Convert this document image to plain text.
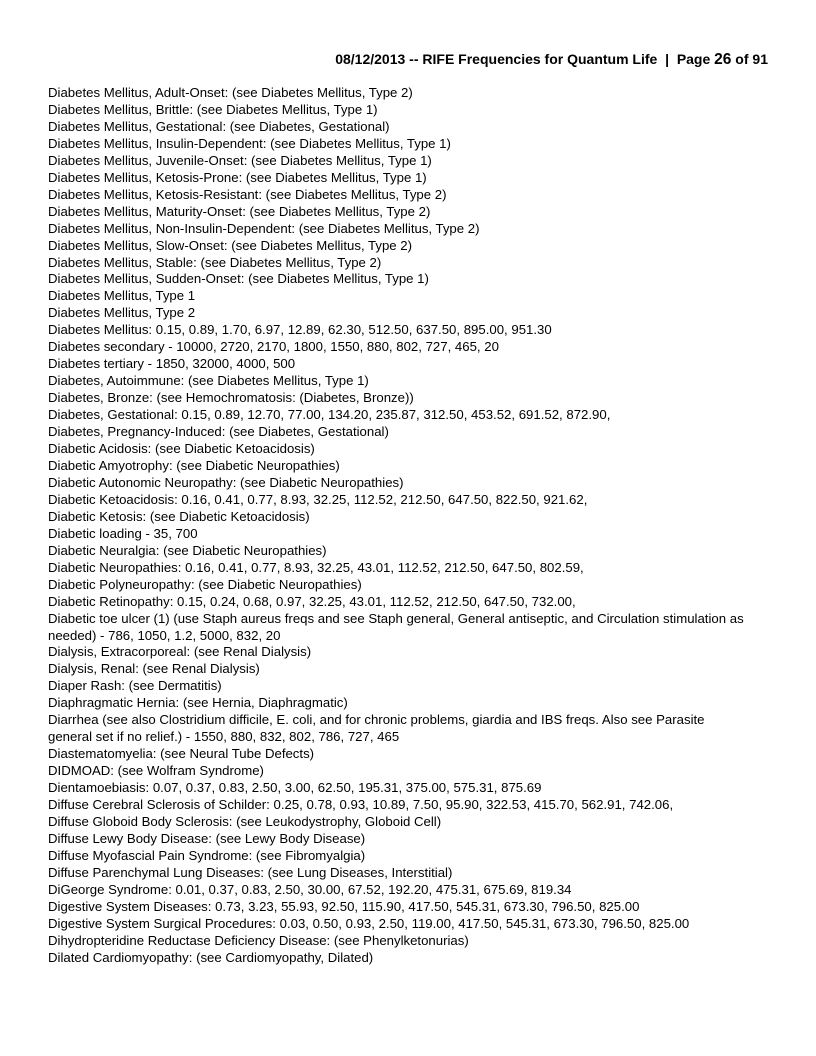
08/12/2013 -- RIFE Frequencies for Quantum Life  |  Page 26 of 91
Diabetes Mellitus, Adult-Onset: (see Diabetes Mellitus, Type 2)
Diabetes Mellitus, Brittle: (see Diabetes Mellitus, Type 1)
Diabetes Mellitus, Gestational: (see Diabetes, Gestational)
Diabetes Mellitus, Insulin-Dependent: (see Diabetes Mellitus, Type 1)
Diabetes Mellitus, Juvenile-Onset: (see Diabetes Mellitus, Type 1)
Diabetes Mellitus, Ketosis-Prone: (see Diabetes Mellitus, Type 1)
Diabetes Mellitus, Ketosis-Resistant: (see Diabetes Mellitus, Type 2)
Diabetes Mellitus, Maturity-Onset: (see Diabetes Mellitus, Type 2)
Diabetes Mellitus, Non-Insulin-Dependent: (see Diabetes Mellitus, Type 2)
Diabetes Mellitus, Slow-Onset: (see Diabetes Mellitus, Type 2)
Diabetes Mellitus, Stable: (see Diabetes Mellitus, Type 2)
Diabetes Mellitus, Sudden-Onset: (see Diabetes Mellitus, Type 1)
Diabetes Mellitus, Type 1
Diabetes Mellitus, Type 2
Diabetes Mellitus: 0.15, 0.89, 1.70, 6.97, 12.89, 62.30, 512.50, 637.50, 895.00, 951.30
Diabetes secondary - 10000, 2720, 2170, 1800, 1550, 880, 802, 727, 465, 20
Diabetes tertiary - 1850, 32000, 4000, 500
Diabetes, Autoimmune: (see Diabetes Mellitus, Type 1)
Diabetes, Bronze: (see Hemochromatosis: (Diabetes, Bronze))
Diabetes, Gestational: 0.15, 0.89, 12.70, 77.00, 134.20, 235.87, 312.50, 453.52, 691.52, 872.90,
Diabetes, Pregnancy-Induced: (see Diabetes, Gestational)
Diabetic Acidosis: (see Diabetic Ketoacidosis)
Diabetic Amyotrophy: (see Diabetic Neuropathies)
Diabetic Autonomic Neuropathy: (see Diabetic Neuropathies)
Diabetic Ketoacidosis: 0.16, 0.41, 0.77, 8.93, 32.25, 112.52, 212.50, 647.50, 822.50, 921.62,
Diabetic Ketosis: (see Diabetic Ketoacidosis)
Diabetic loading - 35, 700
Diabetic Neuralgia: (see Diabetic Neuropathies)
Diabetic Neuropathies: 0.16, 0.41, 0.77, 8.93, 32.25, 43.01, 112.52, 212.50, 647.50, 802.59,
Diabetic Polyneuropathy: (see Diabetic Neuropathies)
Diabetic Retinopathy: 0.15, 0.24, 0.68, 0.97, 32.25, 43.01, 112.52, 212.50, 647.50, 732.00,
Diabetic toe ulcer (1) (use Staph aureus freqs and see Staph general, General antiseptic, and Circulation stimulation as needed) - 786, 1050, 1.2, 5000, 832, 20
Dialysis, Extracorporeal: (see Renal Dialysis)
Dialysis, Renal: (see Renal Dialysis)
Diaper Rash: (see Dermatitis)
Diaphragmatic Hernia: (see Hernia, Diaphragmatic)
Diarrhea (see also Clostridium difficile, E. coli, and for chronic problems, giardia and IBS freqs. Also see Parasite general set if no relief.) - 1550, 880, 832, 802, 786, 727, 465
Diastematomyelia: (see Neural Tube Defects)
DIDMOAD: (see Wolfram Syndrome)
Dientamoebiasis: 0.07, 0.37, 0.83, 2.50, 3.00, 62.50, 195.31, 375.00, 575.31, 875.69
Diffuse Cerebral Sclerosis of Schilder: 0.25, 0.78, 0.93, 10.89, 7.50, 95.90, 322.53, 415.70, 562.91, 742.06,
Diffuse Globoid Body Sclerosis: (see Leukodystrophy, Globoid Cell)
Diffuse Lewy Body Disease: (see Lewy Body Disease)
Diffuse Myofascial Pain Syndrome: (see Fibromyalgia)
Diffuse Parenchymal Lung Diseases: (see Lung Diseases, Interstitial)
DiGeorge Syndrome: 0.01, 0.37, 0.83, 2.50, 30.00, 67.52, 192.20, 475.31, 675.69, 819.34
Digestive System Diseases: 0.73, 3.23, 55.93, 92.50, 115.90, 417.50, 545.31, 673.30, 796.50, 825.00
Digestive System Surgical Procedures: 0.03, 0.50, 0.93, 2.50, 119.00, 417.50, 545.31, 673.30, 796.50, 825.00
Dihydropteridine Reductase Deficiency Disease: (see Phenylketonurias)
Dilated Cardiomyopathy: (see Cardiomyopathy, Dilated)
